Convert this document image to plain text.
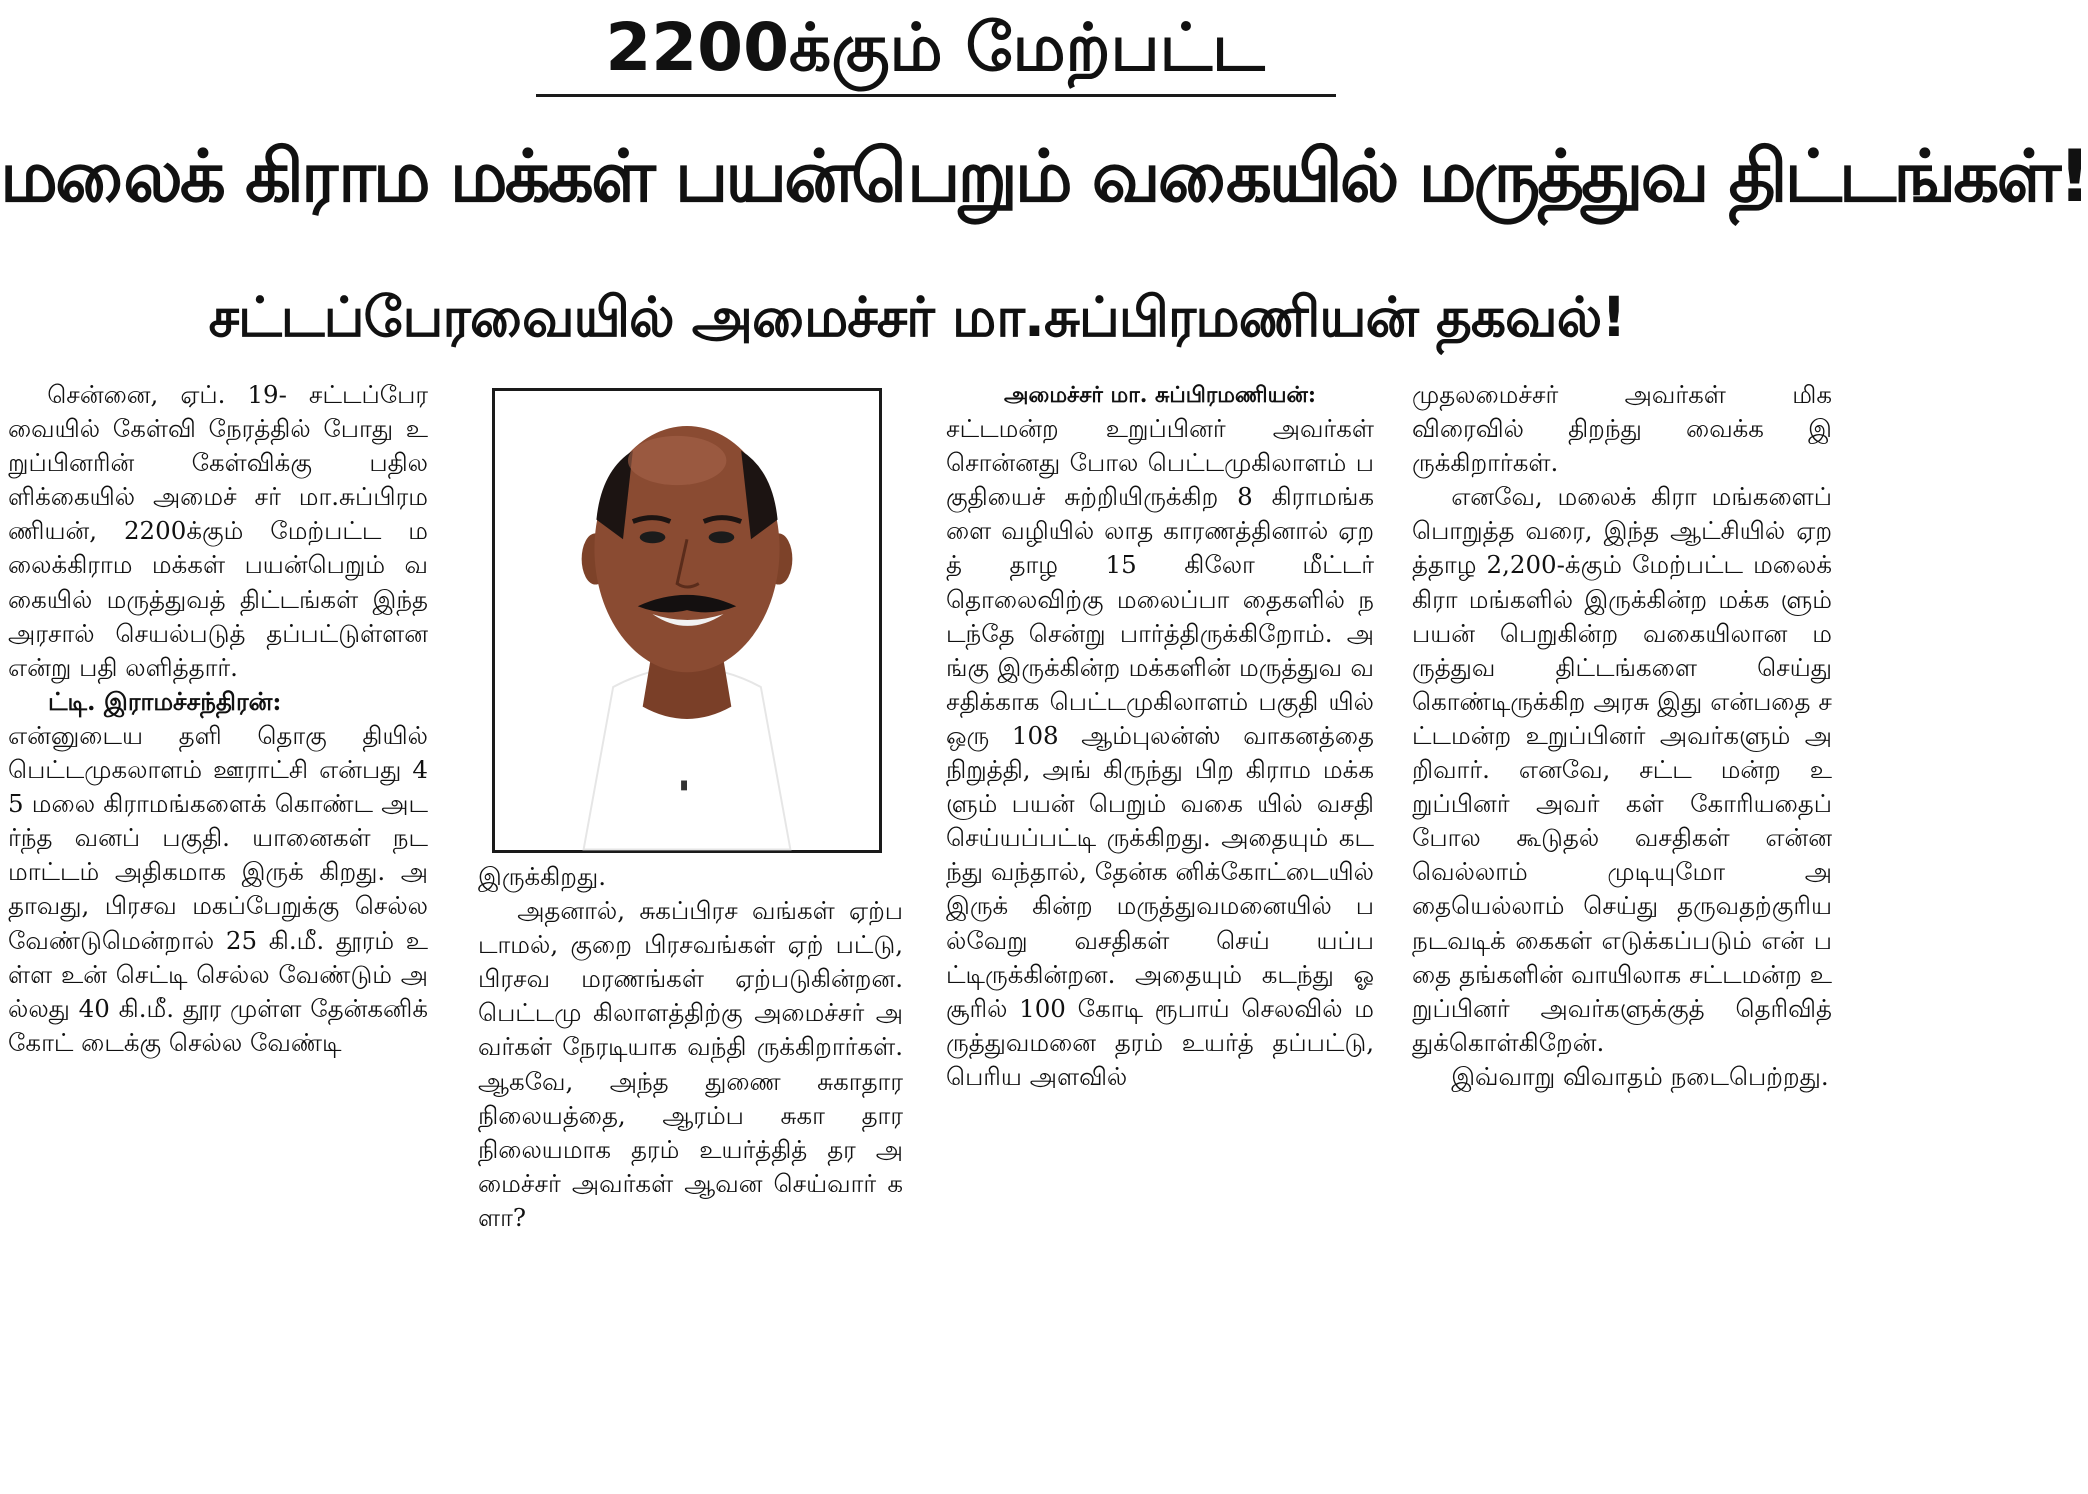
2200க்கும் மேற்பட்ட
மலைக் கிராம மக்கள் பயன்பெறும் வகையில் மருத்துவ திட்டங்கள்!
சட்டப்பேரவையில் அமைச்சர் மா.சுப்பிரமணியன் தகவல்!

சென்னை, ஏப். 19- சட்டப்பேரவையில் கேள்வி நேரத்தில் போது உறுப்பினரின் கேள்விக்கு பதிலளிக்கையில் அமைச் சர் மா.சுப்பிரமணியன், 2200க்கும் மேற்பட்ட மலைக்கிராம மக்கள் பயன்பெறும் வகையில் மருத்துவத் திட்டங்கள் இந்த அரசால் செயல்படுத் தப்பட்டுள்ளன என்று பதி லளித்தார்.

ட்டி. இராமச்சந்திரன்:

என்னுடைய தளி தொகு தியில் பெட்டமுகலாளம் ஊராட்சி என்பது 45 மலை கிராமங்களைக் கொண்ட அடர்ந்த வனப் பகுதி. யானைகள் நட மாட்டம் அதிகமாக இருக் கிறது. அதாவது, பிரசவ மகப்பேறுக்கு செல்ல வேண்டுமென்றால் 25 கி.மீ. தூரம் உள்ள உன் செட்டி செல்ல வேண்டும் அல்லது 40 கி.மீ. தூர முள்ள தேன்கனிக் கோட் டைக்கு செல்ல வேண்டி

அமைச்சர் மா. சுப்பிரமணியன்:

சட்டமன்ற உறுப்பினர் அவர்கள் சொன்னது போல பெட்டமுகிலாளம் பகுதியைச் சுற்றியிருக்கிற 8 கிராமங்களை வழியில் லாத காரணத்தினால் ஏறத் தாழ 15 கிலோ மீட்டர் தொலைவிற்கு மலைப்பா தைகளில் நடந்தே சென்று பார்த்திருக்கிறோம். அங்கு இருக்கின்ற மக்களின் மருத்துவ வசதிக்காக பெட்டமுகிலாளம் பகுதி யில் ஒரு 108 ஆம்புலன்ஸ் வாகனத்தை நிறுத்தி, அங் கிருந்து பிற கிராம மக்க ளும் பயன் பெறும் வகை யில் வசதி செய்யப்பட்டி ருக்கிறது. அதையும் கடந்து வந்தால், தேன்க னிக்கோட்டையில் இருக் கின்ற மருத்துவமனையில் பல்வேறு வசதிகள் செய் யப்பட்டிருக்கின்றன. அதையும் கடந்து ஓசூரில் 100 கோடி ரூபாய் செலவில் மருத்துவமனை தரம் உயர்த் தப்பட்டு, பெரிய அளவில்

முதலமைச்சர் அவர்கள் மிக விரைவில் திறந்து வைக்க இருக்கிறார்கள்.

எனவே, மலைக் கிரா மங்களைப் பொறுத்த வரை, இந்த ஆட்சியில் ஏறத்தாழ 2,200-க்கும் மேற்பட்ட மலைக் கிரா மங்களில் இருக்கின்ற மக்க ளும் பயன் பெறுகின்ற வகையிலான மருத்துவ திட்டங்களை செய்து கொண்டிருக்கிற அரசு இது என்பதை சட்டமன்ற உறுப்பினர் அவர்களும் அறிவார். எனவே, சட்ட மன்ற உறுப்பினர் அவர் கள் கோரியதைப் போல கூடுதல் வசதிகள் என்ன வெல்லாம் முடியுமோ அதையெல்லாம் செய்து தருவதற்குரிய நடவடிக் கைகள் எடுக்கப்படும் என் பதை தங்களின் வாயிலாக சட்டமன்ற உறுப்பினர் அவர்களுக்குத் தெரிவித் துக்கொள்கிறேன்.

இவ்வாறு விவாதம் நடைபெற்றது.

இருக்கிறது.

அதனால், சுகப்பிரச வங்கள் ஏற்படாமல், குறை பிரசவங்கள் ஏற் பட்டு, பிரசவ மரணங்கள் ஏற்படுகின்றன. பெட்டமு கிலாளத்திற்கு அமைச்சர் அவர்கள் நேரடியாக வந்தி ருக்கிறார்கள். ஆகவே, அந்த துணை சுகாதார நிலையத்தை, ஆரம்ப சுகா தார நிலையமாக தரம் உயர்த்தித் தர அமைச்சர் அவர்கள் ஆவன செய்வார் களா?
